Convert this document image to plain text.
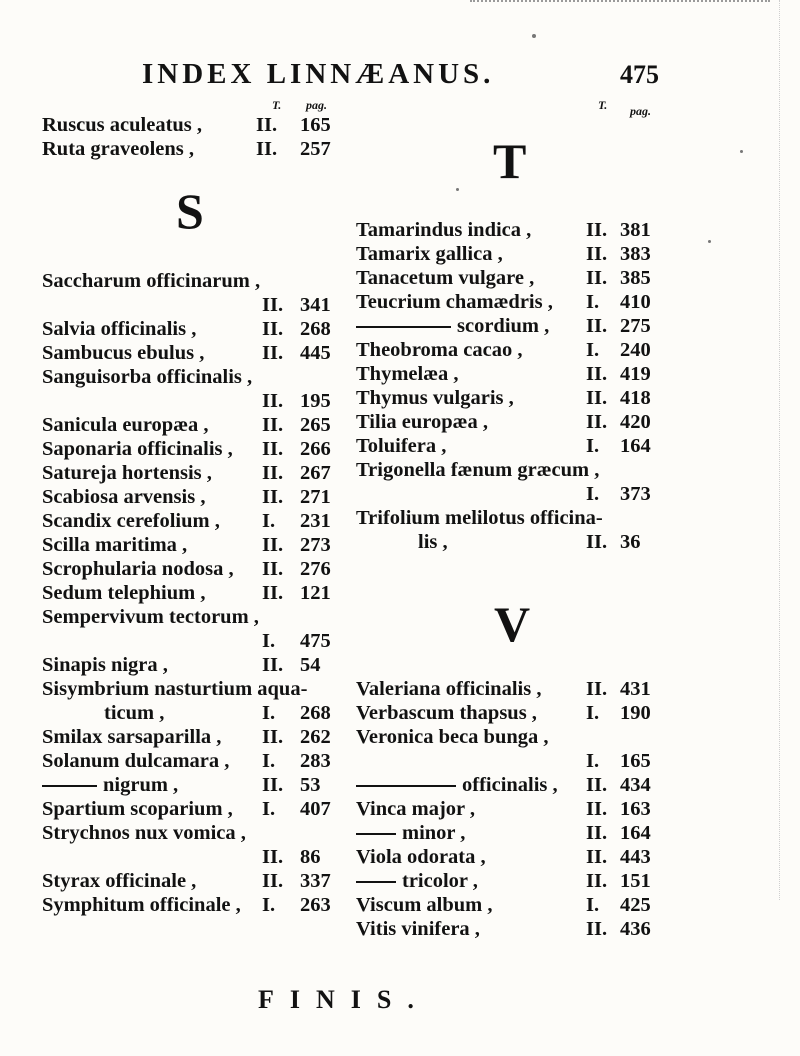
INDEX LINNÆANUS.	475
T. pag.	T. pag.
Ruscus aculeatus ,	II. 165
Ruta graveolens ,	II. 257
S
Saccharum officinarum ,
II. 341
Salvia officinalis ,	II. 268
Sambucus ebulus ,	II. 445
Sanguisorba officinalis ,
II. 195
Sanicula europæa ,	II. 265
Saponaria officinalis , II. 266
Satureja hortensis , II. 267
Scabiosa arvensis ,	II. 271
Scandix cerefolium , I. 231
Scilla maritima ,	II. 273
Scrophularia nodosa , II. 276
Sedum telephium ,	II. 121
Sempervivum tectorum ,
I. 475
Sinapis nigra ,	II. 54
Sisymbrium nasturtium aqua-
ticum ,	I. 268
Smilax sarsaparilla , II. 262
Solanum dulcamara , I. 283
nigrum ,	II. 53
Spartium scoparium , I. 407
Strychnos nux vomica ,
II. 86
Styrax officinale ,	II. 337
Symphitum officinale , I. 263
T
Tamarindus indica ,	II. 381
Tamarix gallica ,	II. 383
Tanacetum vulgare ,	II. 385
Teucrium chamædris , I. 410
scordium , II. 275
Theobroma cacao ,	I. 240
Thymelæa ,	II. 419
Thymus vulgaris ,	II. 418
Tilia europæa ,	II. 420
Toluifera ,	I. 164
Trigonella fænum græcum ,
I. 373
Trifolium melilotus officina-
lis ,	II. 36
V
Valeriana officinalis , II. 431
Verbascum thapsus , I. 190
Veronica beca bunga ,
I. 165
officinalis , II. 434
Vinca major ,	II. 163
minor ,	II. 164
Viola odorata ,	II. 443
tricolor ,	II. 151
Viscum album ,	I. 425
Vitis vinifera ,	II. 436
FINIS.
